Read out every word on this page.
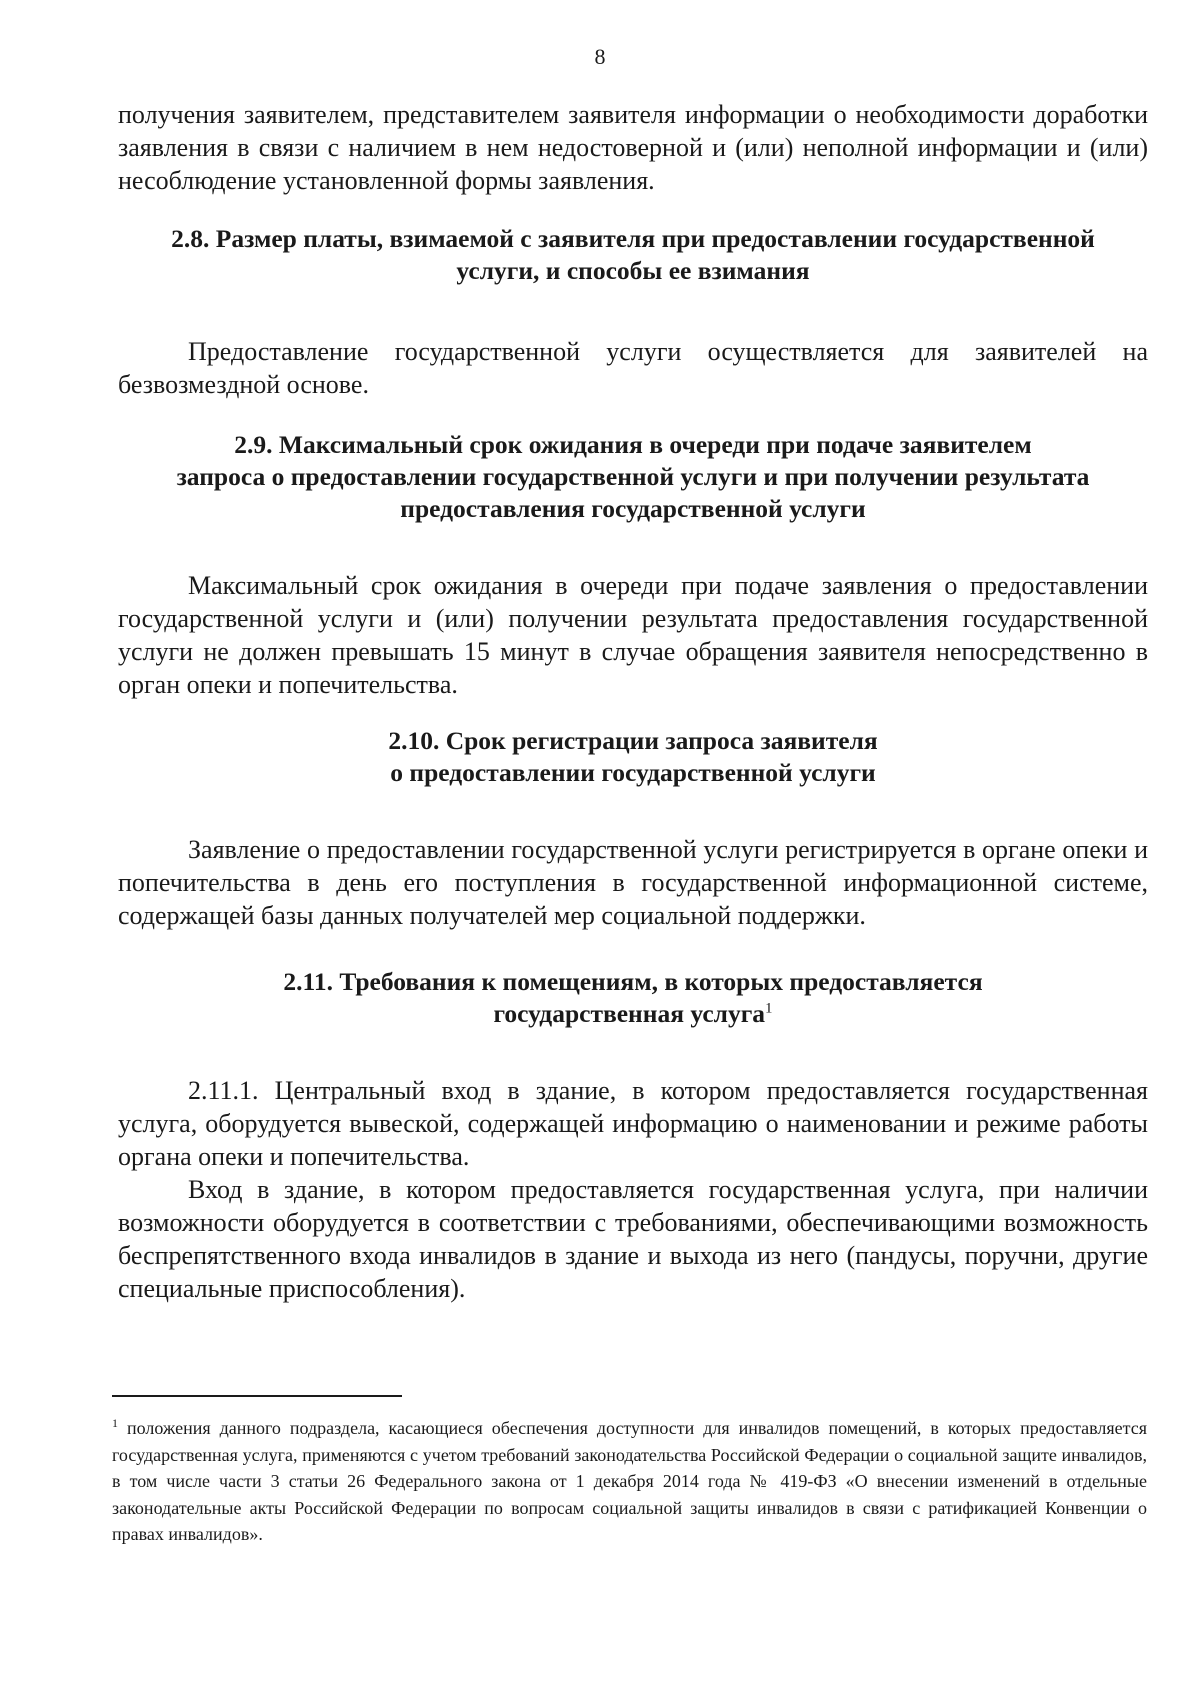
8

получения заявителем, представителем заявителя информации о необходимости доработки заявления в связи с наличием в нем недостоверной и (или) неполной информации и (или) несоблюдение установленной формы заявления.

2.8. Размер платы, взимаемой с заявителя при предоставлении государственной
услуги, и способы ее взимания

Предоставление государственной услуги осуществляется для заявителей на безвозмездной основе.

2.9. Максимальный срок ожидания в очереди при подаче заявителем
запроса о предоставлении государственной услуги и при получении результата
предоставления государственной услуги

Максимальный срок ожидания в очереди при подаче заявления о предоставлении государственной услуги и (или) получении результата предоставления государственной услуги не должен превышать 15 минут в случае обращения заявителя непосредственно в орган опеки и попечительства.

2.10. Срок регистрации запроса заявителя
о предоставлении государственной услуги

Заявление о предоставлении государственной услуги регистрируется в органе опеки и попечительства в день его поступления в государственной информационной системе, содержащей базы данных получателей мер социальной поддержки.

2.11. Требования к помещениям, в которых предоставляется
государственная услуга$^1$

2.11.1. Центральный вход в здание, в котором предоставляется государственная услуга, оборудуется вывеской, содержащей информацию о наименовании и режиме работы органа опеки и попечительства.

Вход в здание, в котором предоставляется государственная услуга, при наличии возможности оборудуется в соответствии с требованиями, обеспечивающими возможность беспрепятственного входа инвалидов в здание и выхода из него (пандусы, поручни, другие специальные приспособления).

$^1$ положения данного подраздела, касающиеся обеспечения доступности для инвалидов помещений, в которых предоставляется государственная услуга, применяются с учетом требований законодательства Российской Федерации о социальной защите инвалидов, в том числе части 3 статьи 26 Федерального закона от 1 декабря 2014 года № 419-ФЗ «О внесении изменений в отдельные законодательные акты Российской Федерации по вопросам социальной защиты инвалидов в связи с ратификацией Конвенции о правах инвалидов».
